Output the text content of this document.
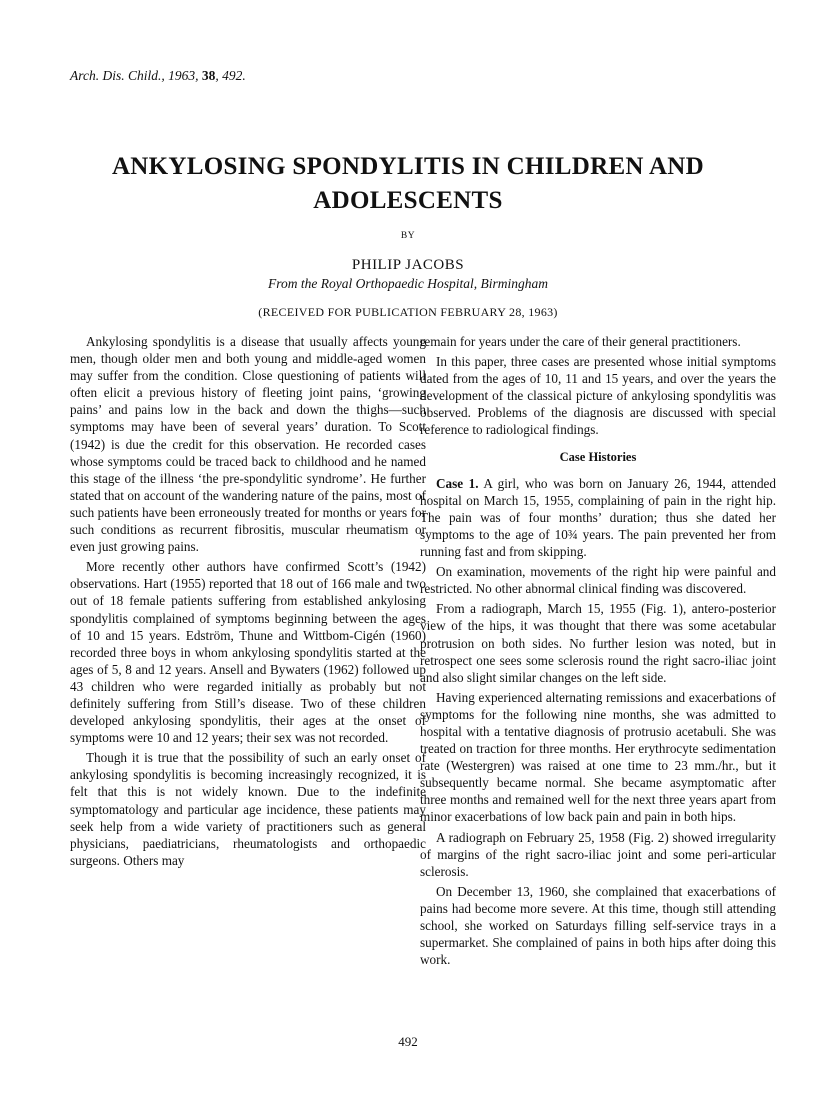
Arch. Dis. Child., 1963, 38, 492.
ANKYLOSING SPONDYLITIS IN CHILDREN AND
ADOLESCENTS
BY
PHILIP JACOBS
From the Royal Orthopaedic Hospital, Birmingham
(RECEIVED FOR PUBLICATION FEBRUARY 28, 1963)

Ankylosing spondylitis is a disease that usually affects young men, though older men and both young and middle-aged women may suffer from the condition. Close questioning of patients will often elicit a previous history of fleeting joint pains, ‘growing pains’ and pains low in the back and down the thighs—such symptoms may have been of several years’ duration. To Scott (1942) is due the credit for this observation. He recorded cases whose symptoms could be traced back to childhood and he named this stage of the illness ‘the pre-spondylitic syndrome’. He further stated that on account of the wandering nature of the pains, most of such patients have been erroneously treated for months or years for such conditions as recurrent fibrositis, muscular rheumatism or even just growing pains.

More recently other authors have confirmed Scott’s (1942) observations. Hart (1955) reported that 18 out of 166 male and two out of 18 female patients suffering from established ankylosing spondylitis complained of symptoms beginning between the ages of 10 and 15 years. Edström, Thune and Wittbom-Cigén (1960) recorded three boys in whom ankylosing spondylitis started at the ages of 5, 8 and 12 years. Ansell and Bywaters (1962) followed up 43 children who were regarded initially as probably but not definitely suffering from Still’s disease. Two of these children developed ankylosing spondylitis, their ages at the onset of symptoms were 10 and 12 years; their sex was not recorded.

Though it is true that the possibility of such an early onset of ankylosing spondylitis is becoming increasingly recognized, it is felt that this is not widely known. Due to the indefinite symptomatology and particular age incidence, these patients may seek help from a wide variety of practitioners such as general physicians, paediatricians, rheumatologists and orthopaedic surgeons. Others may

remain for years under the care of their general practitioners.

In this paper, three cases are presented whose initial symptoms dated from the ages of 10, 11 and 15 years, and over the years the development of the classical picture of ankylosing spondylitis was observed. Problems of the diagnosis are discussed with special reference to radiological findings.

Case Histories

Case 1. A girl, who was born on January 26, 1944, attended hospital on March 15, 1955, complaining of pain in the right hip. The pain was of four months’ duration; thus she dated her symptoms to the age of 10¾ years. The pain prevented her from running fast and from skipping.

On examination, movements of the right hip were painful and restricted. No other abnormal clinical finding was discovered.

From a radiograph, March 15, 1955 (Fig. 1), antero-posterior view of the hips, it was thought that there was some acetabular protrusion on both sides. No further lesion was noted, but in retrospect one sees some sclerosis round the right sacro-iliac joint and also slight similar changes on the left side.

Having experienced alternating remissions and exacerbations of symptoms for the following nine months, she was admitted to hospital with a tentative diagnosis of protrusio acetabuli. She was treated on traction for three months. Her erythrocyte sedimentation rate (Westergren) was raised at one time to 23 mm./hr., but it subsequently became normal. She became asymptomatic after three months and remained well for the next three years apart from minor exacerbations of low back pain and pain in both hips.

A radiograph on February 25, 1958 (Fig. 2) showed irregularity of margins of the right sacro-iliac joint and some peri-articular sclerosis.

On December 13, 1960, she complained that exacerbations of pains had become more severe. At this time, though still attending school, she worked on Saturdays filling self-service trays in a supermarket. She complained of pains in both hips after doing this work.

492
